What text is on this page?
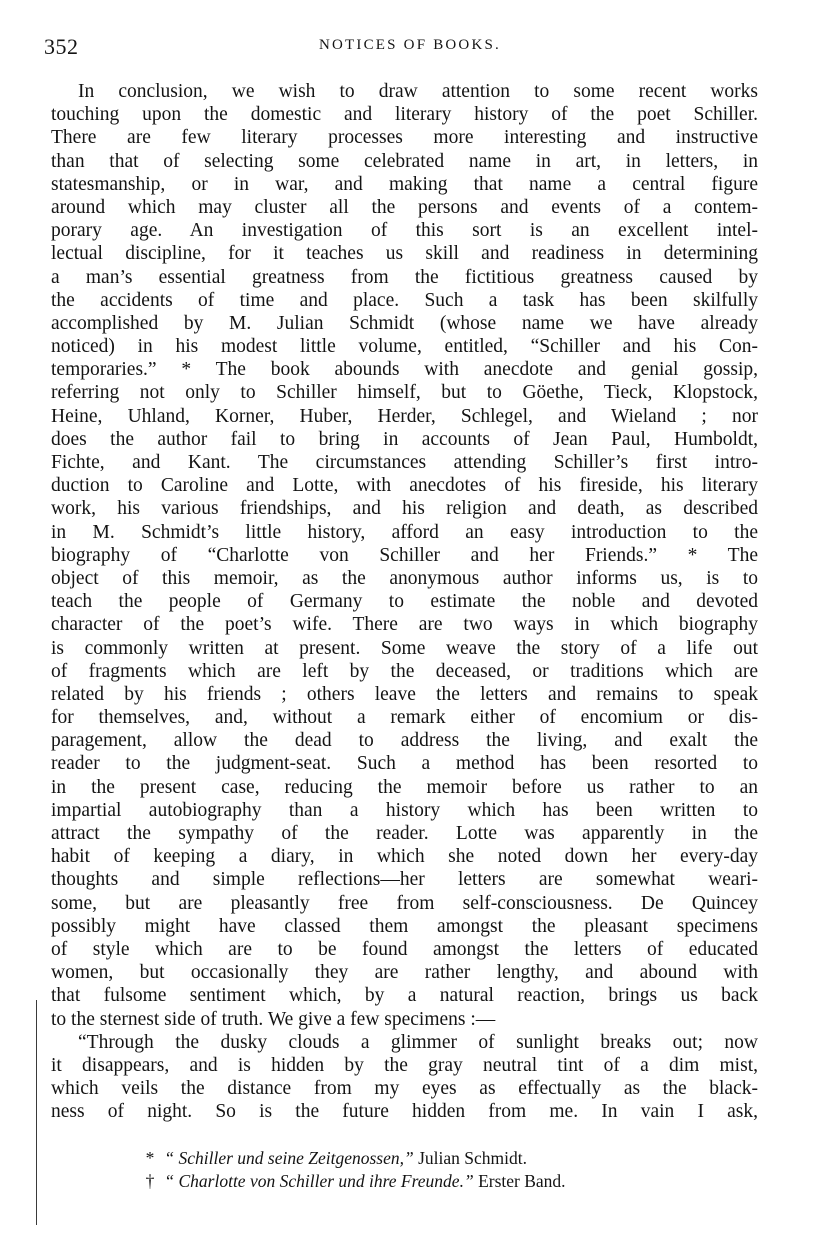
352	NOTICES OF BOOKS.
In conclusion, we wish to draw attention to some recent works
touching upon the domestic and literary history of the poet Schiller.
There are few literary processes more interesting and instructive
than that of selecting some celebrated name in art, in letters, in
statesmanship, or in war, and making that name a central figure
around which may cluster all the persons and events of a contem-
porary age. An investigation of this sort is an excellent intel-
lectual discipline, for it teaches us skill and readiness in determining
a man’s essential greatness from the fictitious greatness caused by
the accidents of time and place. Such a task has been skilfully
accomplished by M. Julian Schmidt (whose name we have already
noticed) in his modest little volume, entitled, “Schiller and his Con-
temporaries.” * The book abounds with anecdote and genial gossip,
referring not only to Schiller himself, but to Göethe, Tieck, Klopstock,
Heine, Uhland, Korner, Huber, Herder, Schlegel, and Wieland ; nor
does the author fail to bring in accounts of Jean Paul, Humboldt,
Fichte, and Kant. The circumstances attending Schiller’s first intro-
duction to Caroline and Lotte, with anecdotes of his fireside, his literary
work, his various friendships, and his religion and death, as described
in M. Schmidt’s little history, afford an easy introduction to the
biography of “Charlotte von Schiller and her Friends.” * The
object of this memoir, as the anonymous author informs us, is to
teach the people of Germany to estimate the noble and devoted
character of the poet’s wife. There are two ways in which biography
is commonly written at present. Some weave the story of a life out
of fragments which are left by the deceased, or traditions which are
related by his friends ; others leave the letters and remains to speak
for themselves, and, without a remark either of encomium or dis-
paragement, allow the dead to address the living, and exalt the
reader to the judgment-seat. Such a method has been resorted to
in the present case, reducing the memoir before us rather to an
impartial autobiography than a history which has been written to
attract the sympathy of the reader. Lotte was apparently in the
habit of keeping a diary, in which she noted down her every-day
thoughts and simple reflections—her letters are somewhat weari-
some, but are pleasantly free from self-consciousness. De Quincey
possibly might have classed them amongst the pleasant specimens
of style which are to be found amongst the letters of educated
women, but occasionally they are rather lengthy, and abound with
that fulsome sentiment which, by a natural reaction, brings us back
to the sternest side of truth. We give a few specimens :—
“Through the dusky clouds a glimmer of sunlight breaks out; now
it disappears, and is hidden by the gray neutral tint of a dim mist,
which veils the distance from my eyes as effectually as the black-
ness of night. So is the future hidden from me. In vain I ask,
* “ Schiller und seine Zeitgenossen,” Julian Schmidt.
† “ Charlotte von Schiller und ihre Freunde.” Erster Band.
